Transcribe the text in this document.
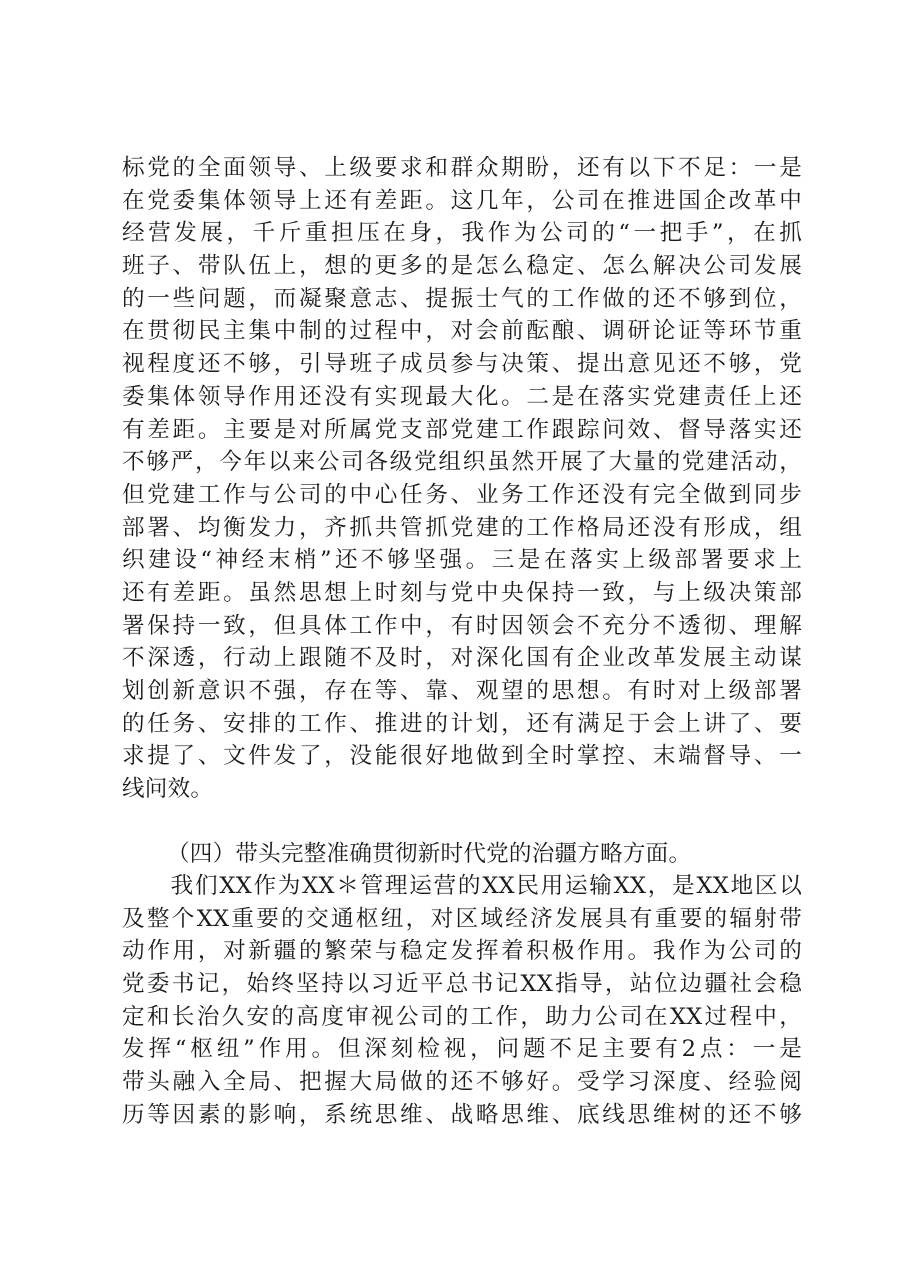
标党的全面领导、上级要求和群众期盼，还有以下不足：一是
在党委集体领导上还有差距。这几年，公司在推进国企改革中
经营发展，千斤重担压在身，我作为公司的“一把手”，在抓
班子、带队伍上，想的更多的是怎么稳定、怎么解决公司发展
的一些问题，而凝聚意志、提振士气的工作做的还不够到位，
在贯彻民主集中制的过程中，对会前酝酿、调研论证等环节重
视程度还不够，引导班子成员参与决策、提出意见还不够，党
委集体领导作用还没有实现最大化。二是在落实党建责任上还
有差距。主要是对所属党支部党建工作跟踪问效、督导落实还
不够严，今年以来公司各级党组织虽然开展了大量的党建活动，
但党建工作与公司的中心任务、业务工作还没有完全做到同步
部署、均衡发力，齐抓共管抓党建的工作格局还没有形成，组
织建设“神经末梢”还不够坚强。三是在落实上级部署要求上
还有差距。虽然思想上时刻与党中央保持一致，与上级决策部
署保持一致，但具体工作中，有时因领会不充分不透彻、理解
不深透，行动上跟随不及时，对深化国有企业改革发展主动谋
划创新意识不强，存在等、靠、观望的思想。有时对上级部署
的任务、安排的工作、推进的计划，还有满足于会上讲了、要
求提了、文件发了，没能很好地做到全时掌控、末端督导、一
线问效。
（四）带头完整准确贯彻新时代党的治疆方略方面。
　　我们XX作为XX＊管理运营的XX民用运输XX，是XX地区以
及整个XX重要的交通枢纽，对区域经济发展具有重要的辐射带
动作用，对新疆的繁荣与稳定发挥着积极作用。我作为公司的
党委书记，始终坚持以习近平总书记XX指导，站位边疆社会稳
定和长治久安的高度审视公司的工作，助力公司在XX过程中，
发挥“枢纽”作用。但深刻检视，问题不足主要有2点：一是
带头融入全局、把握大局做的还不够好。受学习深度、经验阅
历等因素的影响，系统思维、战略思维、底线思维树的还不够
